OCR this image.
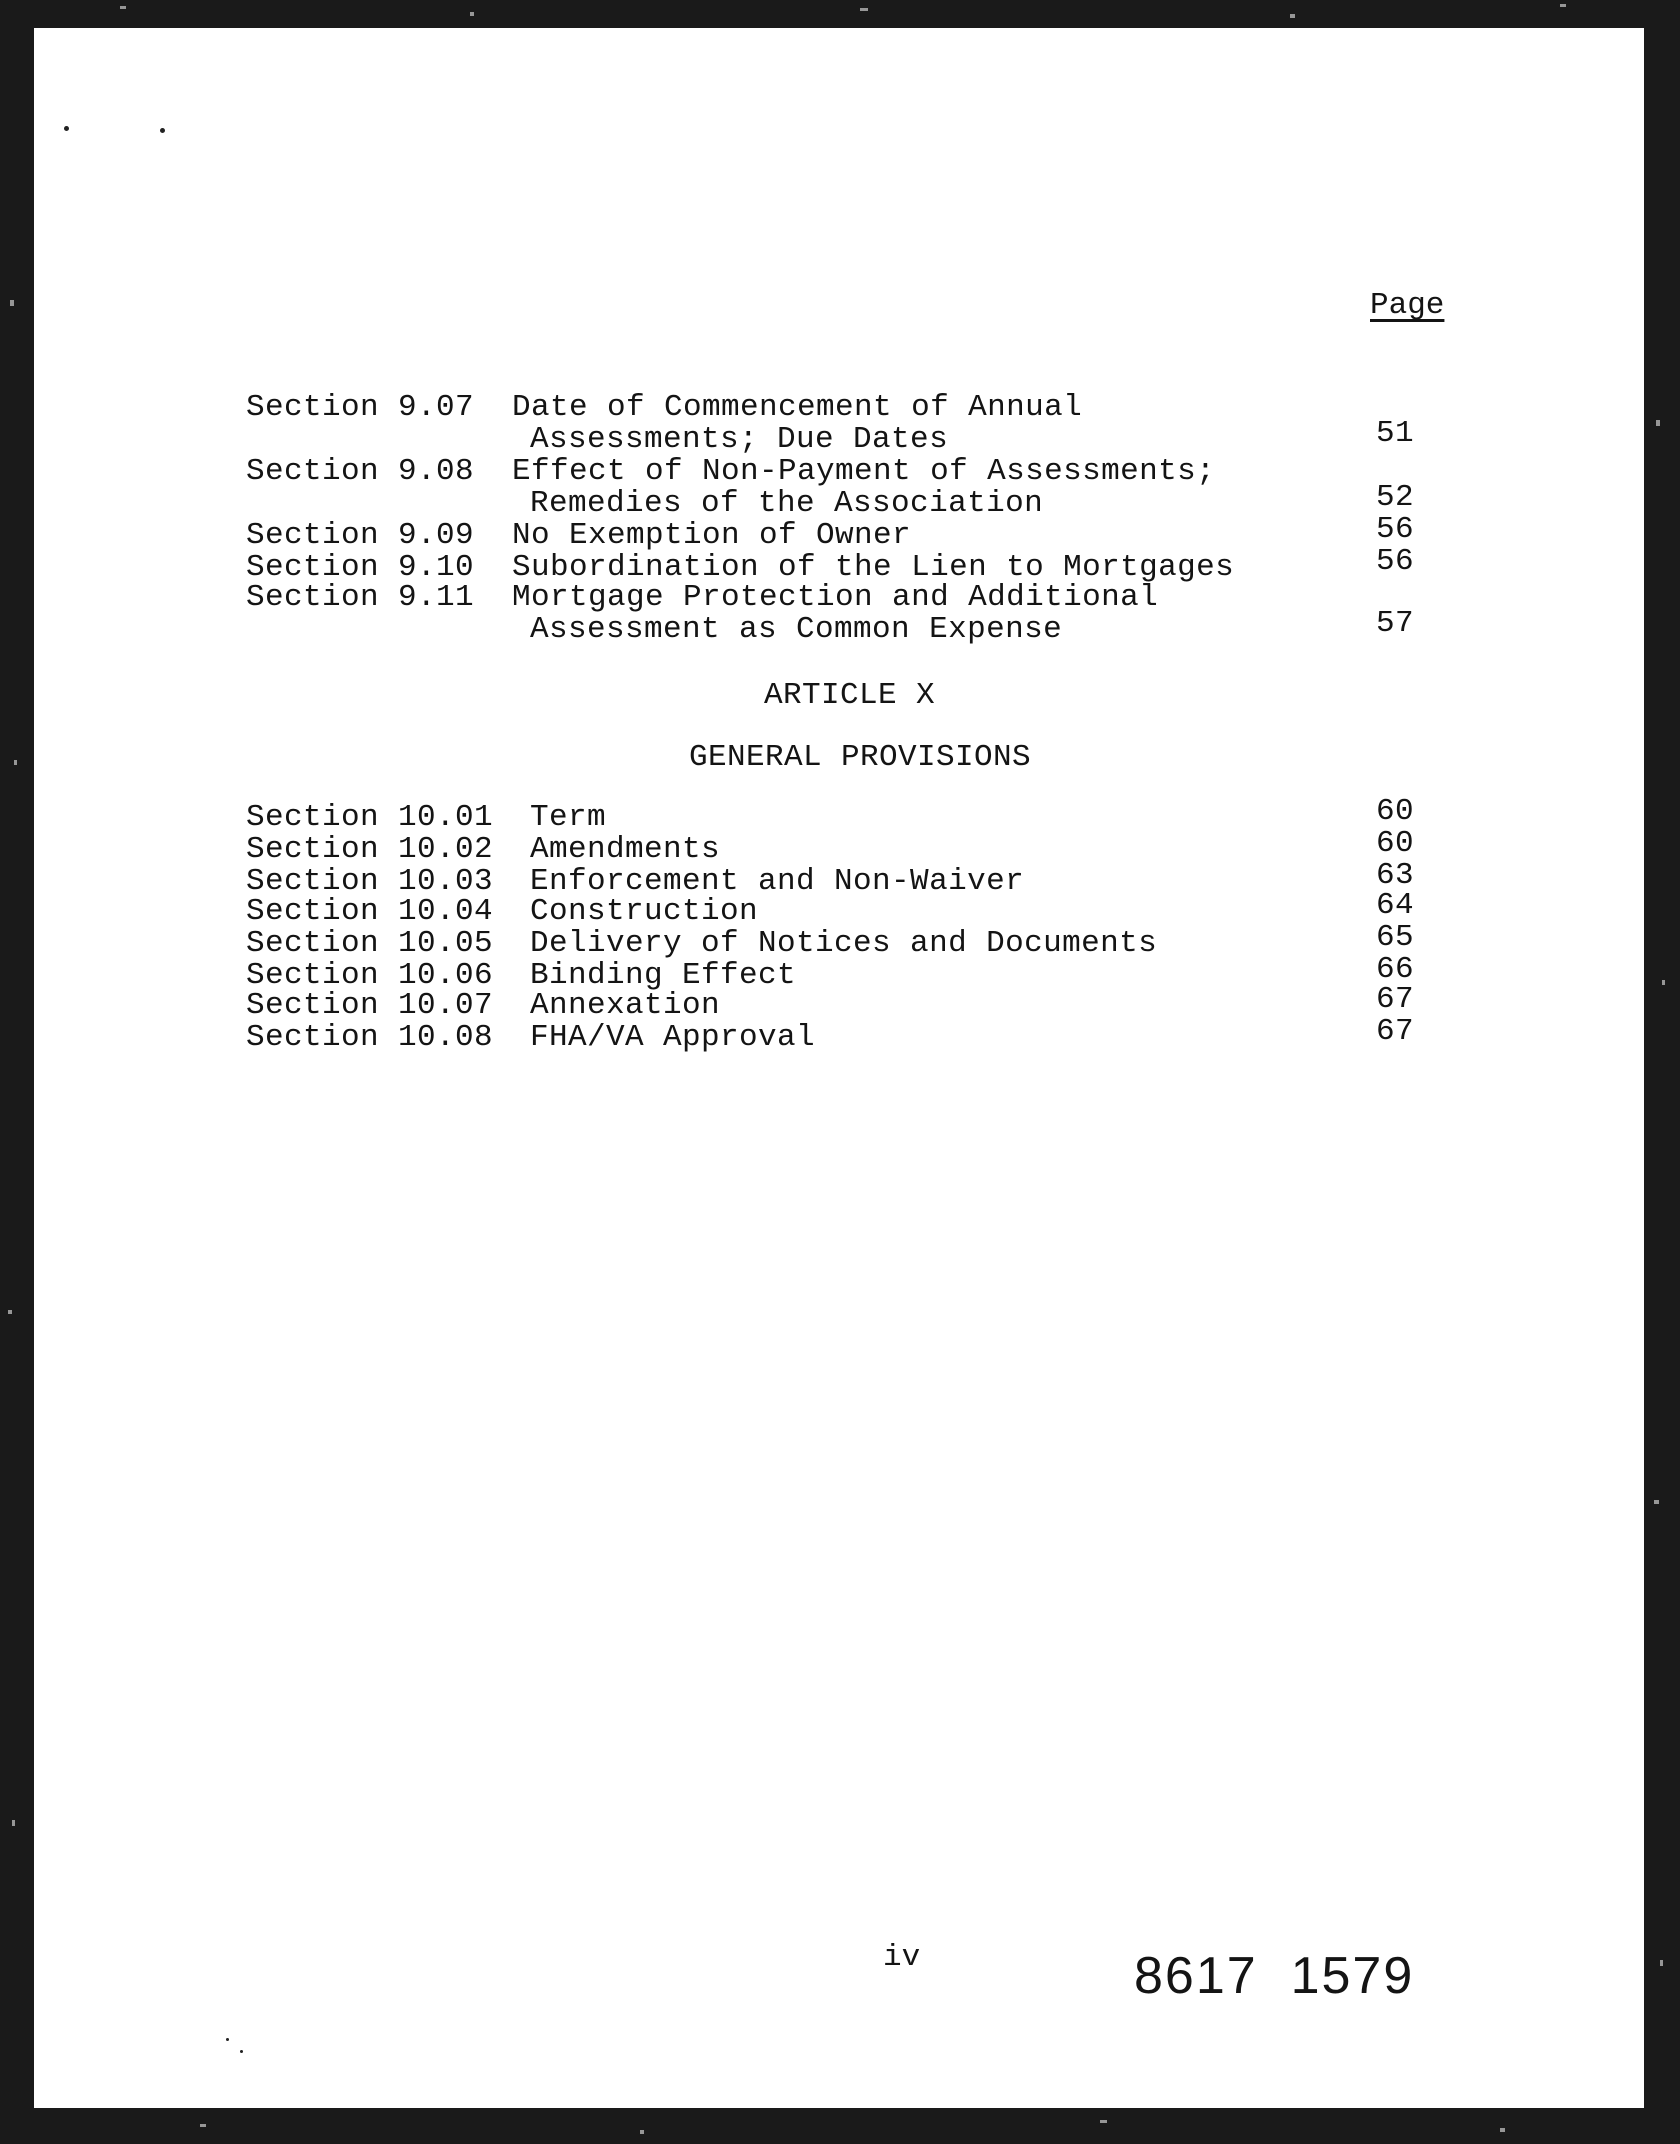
Page
Section 9.07 Date of Commencement of Annual
Assessments; Due Dates	51
Section 9.08 Effect of Non-Payment of Assessments;
Remedies of the Association	52
Section 9.09 No Exemption of Owner	56
Section 9.10 Subordination of the Lien to Mortgages	56
Section 9.11 Mortgage Protection and Additional
Assessment as Common Expense	57
ARTICLE X
GENERAL PROVISIONS
Section 10.01 Term	60
Section 10.02 Amendments	60
Section 10.03 Enforcement and Non-Waiver	63
Section 10.04 Construction	64
Section 10.05 Delivery of Notices and Documents	65
Section 10.06 Binding Effect	66
Section 10.07 Annexation	67
Section 10.08 FHA/VA Approval	67
iv	8617  1579
